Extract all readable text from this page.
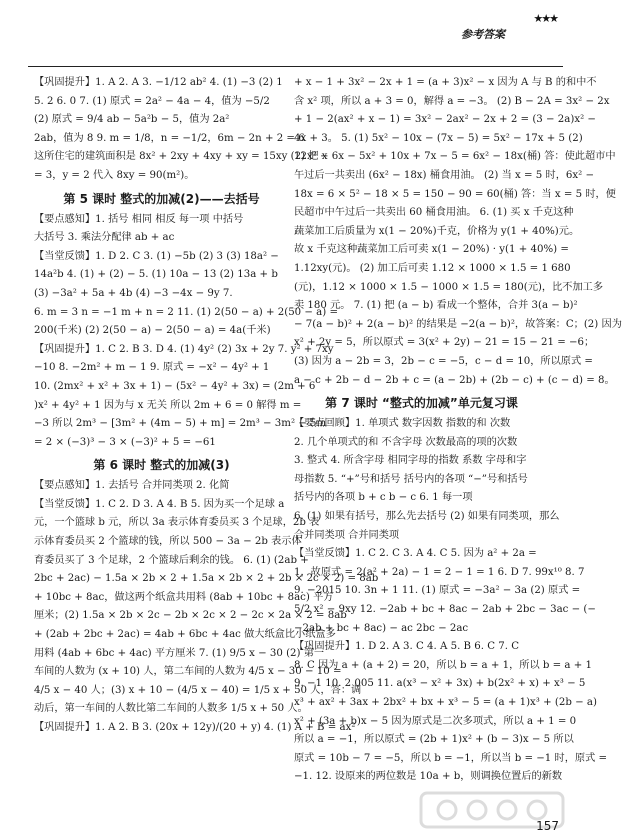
参考答案
★★★
【巩固提升】1. A 2. A 3. −1/12 ab² 4. (1) −3 (2) 1
5. 2 6. 0 7. (1) 原式 = 2a² − 4a − 4，值为 −5/2
(2) 原式 = 9/4 ab − 5a²b − 5，值为 2a²
2ab，值为 8 9. m = 1/8，n = −1/2，6m − 2n + 2 = 6
这所住宅的建筑面积是 8x² + 2xy + 4xy + xy = 15xy (2) 把 x
= 3，y = 2 代入 8xy = 90(m²)。
第 5 课时 整式的加减(2)——去括号
【要点感知】1. 括号 相同 相反 每一项 中括号
大括号 3. 乘法分配律 ab + ac
【当堂反馈】1. D 2. C 3. (1) −5b (2) 3 (3) 18a² −
14a²b 4. (1) + (2) − 5. (1) 10a − 13 (2) 13a + b
(3) −3a² + 5a + 4b (4) −3 −4x − 9y 7.
6. m = 3 n = −1 m + n = 2 11. (1) 2(50 − a) + 2(50 − a) =
200(千米) (2) 2(50 − a) − 2(50 − a) = 4a(千米)
【巩固提升】1. C 2. B 3. D 4. (1) 4y² (2) 3x + 2y 7. y² + 7xy
−10 8. −2m² + m − 1 9. 原式 = −x² − 4y² + 1
10. (2mx² + x² + 3x + 1) − (5x² − 4y² + 3x) = (2m + 6
)x² + 4y² + 1 因为与 x 无关 所以 2m + 6 = 0 解得 m =
−3 所以 2m³ − [3m² + (4m − 5) + m] = 2m³ − 3m² − 5m
= 2 × (−3)³ − 3 × (−3)² + 5 = −61
第 6 课时 整式的加减(3)
【要点感知】1. 去括号 合并同类项 2. 化简
【当堂反馈】1. C 2. D 3. A 4. B 5. 因为买一个足球 a
元，一个篮球 b 元，所以 3a 表示体育委员买 3 个足球，2b 表
示体育委员买 2 个篮球的钱，所以 500 − 3a − 2b 表示体
育委员买了 3 个足球，2 个篮球后剩余的钱。 6. (1) (2ab +
2bc + 2ac) − 1.5a × 2b × 2 + 1.5a × 2b × 2 + 2b × 2c × 2) = 8ab
+ 10bc + 8ac，做这两个纸盒共用料 (8ab + 10bc + 8ac) 平方
厘米；(2) 1.5a × 2b × 2c − 2b × 2c × 2 − 2c × 2a × 2 = 8ab
+ (2ab + 2bc + 2ac) = 4ab + 6bc + 4ac 做大纸盒比小纸盒多
用料 (4ab + 6bc + 4ac) 平方厘米 7. (1) 9/5 x − 30 (2) 第一
车间的人数为 (x + 10) 人，第二车间的人数为 4/5 x − 30 − 10 =
4/5 x − 40 人；(3) x + 10 − (4/5 x − 40) = 1/5 x + 50 人，答：调
动后，第一车间的人数比第二车间的人数多 1/5 x + 50 人。
【巩固提升】1. A 2. B 3. (20x + 12y)/(20 + y) 4. (1) A + B = ax²
+ x − 1 + 3x² − 2x + 1 = (a + 3)x² − x 因为 A 与 B 的和中不
含 x² 项，所以 a + 3 = 0，解得 a = −3。 (2) B − 2A = 3x² − 2x
+ 1 − 2(ax² + x − 1) = 3x² − 2ax² − 2x + 2 = (3 − 2a)x² −
4x + 3。 5. (1) 5x² − 10x − (7x − 5) = 5x² − 17x + 5 (2)
12x² − 6x − 5x² + 10x + 7x − 5 = 6x² − 18x(桶) 答：使此超市中
午过后一共卖出 (6x² − 18x) 桶食用油。 (2) 当 x = 5 时，6x² −
18x = 6 × 5² − 18 × 5 = 150 − 90 = 60(桶) 答：当 x = 5 时，便
民超市中午过后一共卖出 60 桶食用油。 6. (1) 买 x 千克这种
蔬菜加工后质量为 x(1 − 20%)千克，价格为 y(1 + 40%)元。
故 x 千克这种蔬菜加工后可卖 x(1 − 20%) · y(1 + 40%) =
1.12xy(元)。 (2) 加工后可卖 1.12 × 1000 × 1.5 = 1 680
(元)，1.12 × 1000 × 1.5 − 1000 × 1.5 = 180(元)，比不加工多
卖 180 元。 7. (1) 把 (a − b) 看成一个整体，合并 3(a − b)²
− 7(a − b)² + 2(a − b)² 的结果是 −2(a − b)²，故答案：C；(2) 因为
x² + 2y = 5，所以原式 = 3(x² + 2y) − 21 = 15 − 21 = −6；
(3) 因为 a − 2b = 3，2b − c = −5，c − d = 10，所以原式 =
a − c + 2b − d − 2b + c = (a − 2b) + (2b − c) + (c − d) = 8。
第 7 课时 “整式的加减”单元复习课
【要点回顾】1. 单项式 数字因数 指数的和 次数
2. 几个单项式的和 不含字母 次数最高的项的次数
3. 整式 4. 所含字母 相同字母的指数 系数 字母和字
母指数 5. “+”号和括号 括号内的各项 “−”号和括号
括号内的各项 b + c b − c 6. 1 每一项
6. (1) 如果有括号，那么先去括号 (2) 如果有同类项，那么
合并同类项 合并同类项
【当堂反馈】1. C 2. C 3. A 4. C 5. 因为 a² + 2a =
1，故原式 = 2(a² + 2a) − 1 = 2 − 1 = 1 6. D 7. 99x¹⁰ 8. 7
9. −2015 10. 3n + 1 11. (1) 原式 = −3a² − 3a (2) 原式 =
5/2 x² − 9xy 12. −2ab + bc + 8ac − 2ab + 2bc − 3ac − (−
−2ab + bc + 8ac) − ac 2bc − 2ac
【巩固提升】1. D 2. A 3. C 4. A 5. B 6. C 7. C
8. C 因为 a + (a + 2) = 20，所以 b = a + 1，所以 b = a + 1
9. −1 10. 2 005 11. a(x³ − x² + 3x) + b(2x² + x) + x³ − 5
x³ + ax² + 3ax + 2bx² + bx + x³ − 5 = (a + 1)x³ + (2b − a)
x² + (3a + b)x − 5 因为原式是二次多项式，所以 a + 1 = 0
所以 a = −1，所以原式 = (2b + 1)x² + (b − 3)x − 5 所以
原式 = 10b − 7 = −5，所以 b = −1，所以当 b = −1 时，原式 =
−1. 12. 设原来的两位数是 10a + b，则调换位置后的新数
157
